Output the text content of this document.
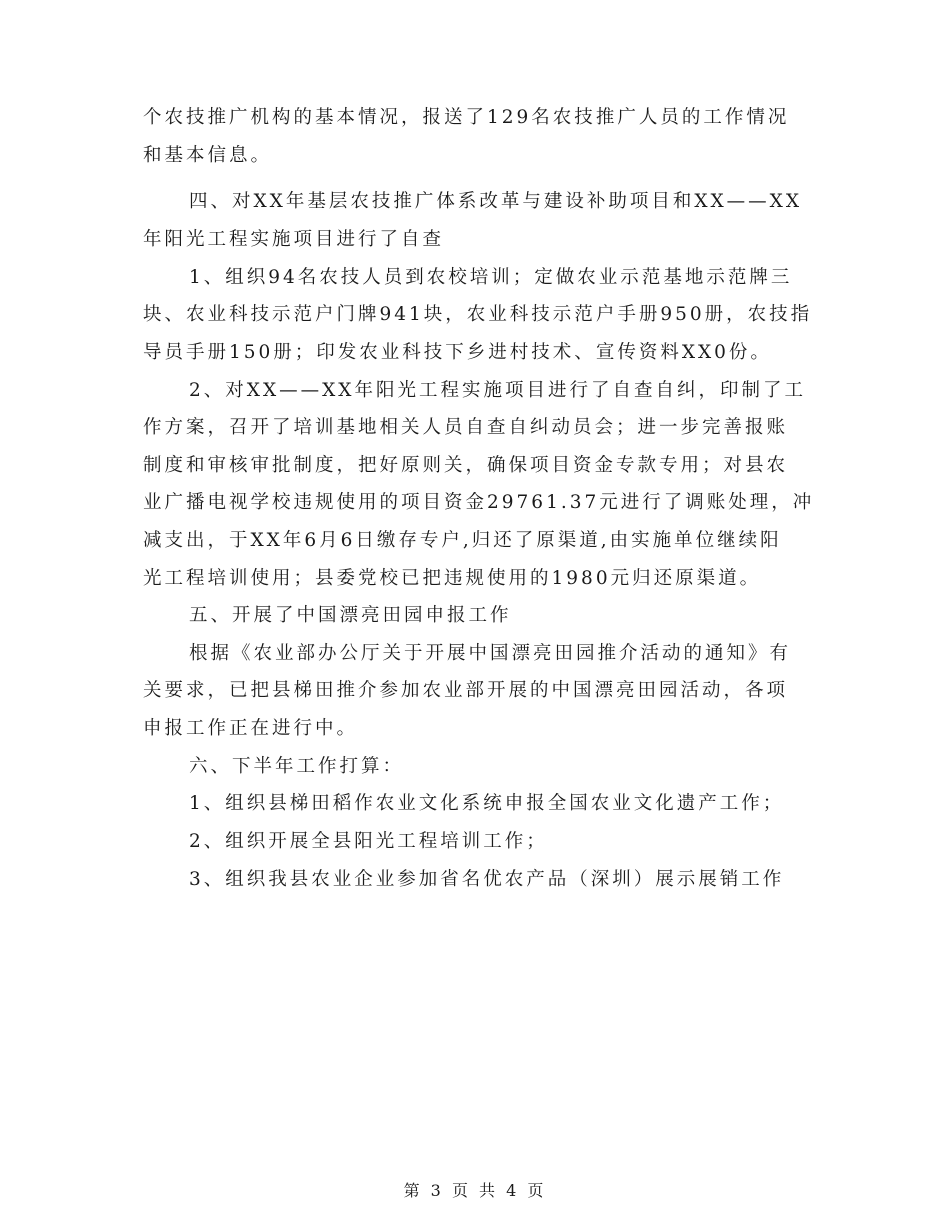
个农技推广机构的基本情况，报送了129名农技推广人员的工作情况
和基本信息。
四、对XX年基层农技推广体系改革与建设补助项目和XX——XX
年阳光工程实施项目进行了自查
1、组织94名农技人员到农校培训；定做农业示范基地示范牌三
块、农业科技示范户门牌941块，农业科技示范户手册950册，农技指
导员手册150册；印发农业科技下乡进村技术、宣传资料XX0份。
2、对XX——XX年阳光工程实施项目进行了自查自纠，印制了工
作方案，召开了培训基地相关人员自查自纠动员会；进一步完善报账
制度和审核审批制度，把好原则关，确保项目资金专款专用；对县农
业广播电视学校违规使用的项目资金29761.37元进行了调账处理，冲
减支出，于XX年6月6日缴存专户,归还了原渠道,由实施单位继续阳
光工程培训使用；县委党校已把违规使用的1980元归还原渠道。
五、开展了中国漂亮田园申报工作
根据《农业部办公厅关于开展中国漂亮田园推介活动的通知》有
关要求，已把县梯田推介参加农业部开展的中国漂亮田园活动，各项
申报工作正在进行中。
六、下半年工作打算：
1、组织县梯田稻作农业文化系统申报全国农业文化遗产工作；
2、组织开展全县阳光工程培训工作；
3、组织我县农业企业参加省名优农产品（深圳）展示展销工作
第 3 页 共 4 页
